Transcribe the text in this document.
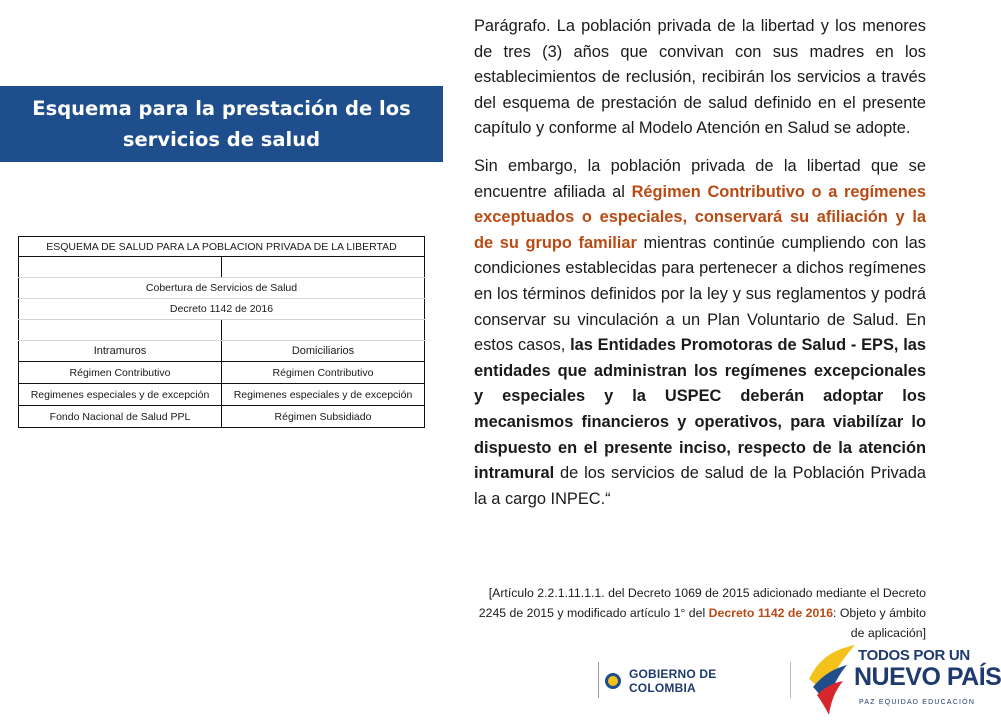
Esquema para la prestación de los servicios de salud
ESQUEMA DE SALUD PARA LA POBLACION PRIVADA DE LA LIBERTAD	

Cobertura de Servicios de Salud	
Decreto 1142 de 2016	

Intramuros	Domiciliarios
Régimen Contributivo	Régimen Contributivo
Regimenes especiales y de excepción	Regimenes especiales y de excepción
Fondo Nacional de Salud PPL	Régimen Subsidiado

Parágrafo. La población privada de la libertad y los menores de tres (3) años que convivan con sus madres en los establecimientos de reclusión, recibirán los servicios a través del esquema de prestación de salud definido en el presente capítulo y conforme al Modelo Atención en Salud se adopte.

Sin embargo, la población privada de la libertad que se encuentre afiliada al Régimen Contributivo o a regímenes exceptuados o especiales, conservará su afiliación y la de su grupo familiar mientras continúe cumpliendo con las condiciones establecidas para pertenecer a dichos regímenes en los términos definidos por la ley y sus reglamentos y podrá conservar su vinculación a un Plan Voluntario de Salud. En estos casos, las Entidades Promotoras de Salud - EPS, las entidades que administran los regímenes excepcionales y especiales y la USPEC deberán adoptar los mecanismos financieros y operativos, para viabilízar lo dispuesto en el presente inciso, respecto de la atención intramural de los servicios de salud de la Población Privada la a cargo INPEC.“

[Artículo 2.2.1.11.1.1. del Decreto 1069 de 2015 adicionado mediante el Decreto 2245 de 2015 y modificado artículo 1° del Decreto 1142 de 2016: Objeto y ámbito de aplicación]
GOBIERNO DE COLOMBIA
TODOS POR UN
NUEVO PAÍS
PAZ EQUIDAD EDUCACIÓN
